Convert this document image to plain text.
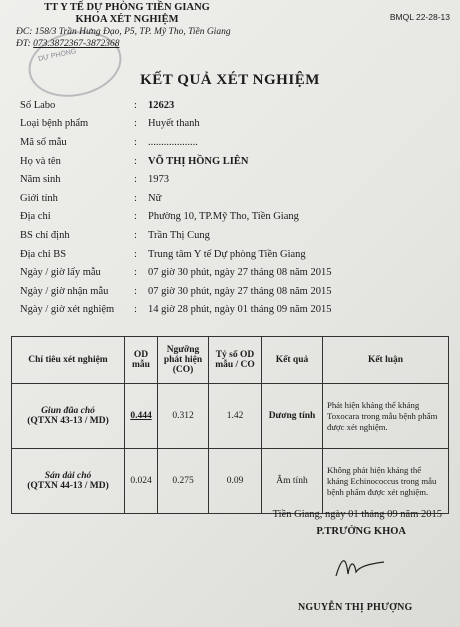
DỰ PHÒNG
TT Y TẾ DỰ PHÒNG TIỀN GIANG
KHOA XÉT NGHIỆM
ĐC: 158/3 Trần Hưng Đạo, P5, TP. Mỹ Tho, Tiền Giang
ĐT: 073.3872367-3872368
BMQL 22-28-13
KẾT QUẢ XÉT NGHIỆM
Số Labo	:	12623
Loại bệnh phẩm	:	Huyết thanh
Mã số mẫu	:	...................
Họ và tên	:	VÕ THỊ HỒNG LIÊN
Năm sinh	:	1973
Giới tính	:	Nữ
Địa chỉ	:	Phường 10, TP.Mỹ Tho, Tiền Giang
BS chỉ định	:	Trần Thị Cung
Địa chỉ BS	:	Trung tâm Y tế Dự phòng Tiền Giang
Ngày / giờ lấy mẫu	:	07 giờ 30 phút, ngày 27 tháng 08 năm 2015
Ngày / giờ nhận mẫu	:	07 giờ 30 phút, ngày 27 tháng 08 năm 2015
Ngày / giờ xét nghiệm	:	14 giờ 28 phút, ngày 01 tháng 09 năm 2015
Chỉ tiêu xét nghiệm	OD mẫu	Ngưỡng phát hiện (CO)	Tỷ số OD mẫu / CO	Kết quả	Kết luận

Giun đũa chó
(QTXN 43-13 / MD)	0.444	0.312	1.42	Dương tính	Phát hiện kháng thể kháng Toxocara trong mẫu bệnh phẩm được xét nghiệm.

Sán dải chó
(QTXN 44-13 / MD)	0.024	0.275	0.09	Âm tính	Không phát hiện kháng thể kháng Echinococcus trong mẫu bệnh phẩm được xét nghiệm.
Tiền Giang, ngày 01 tháng 09 năm 2015
P.TRƯỞNG KHOA
NGUYỄN THỊ PHƯỢNG
